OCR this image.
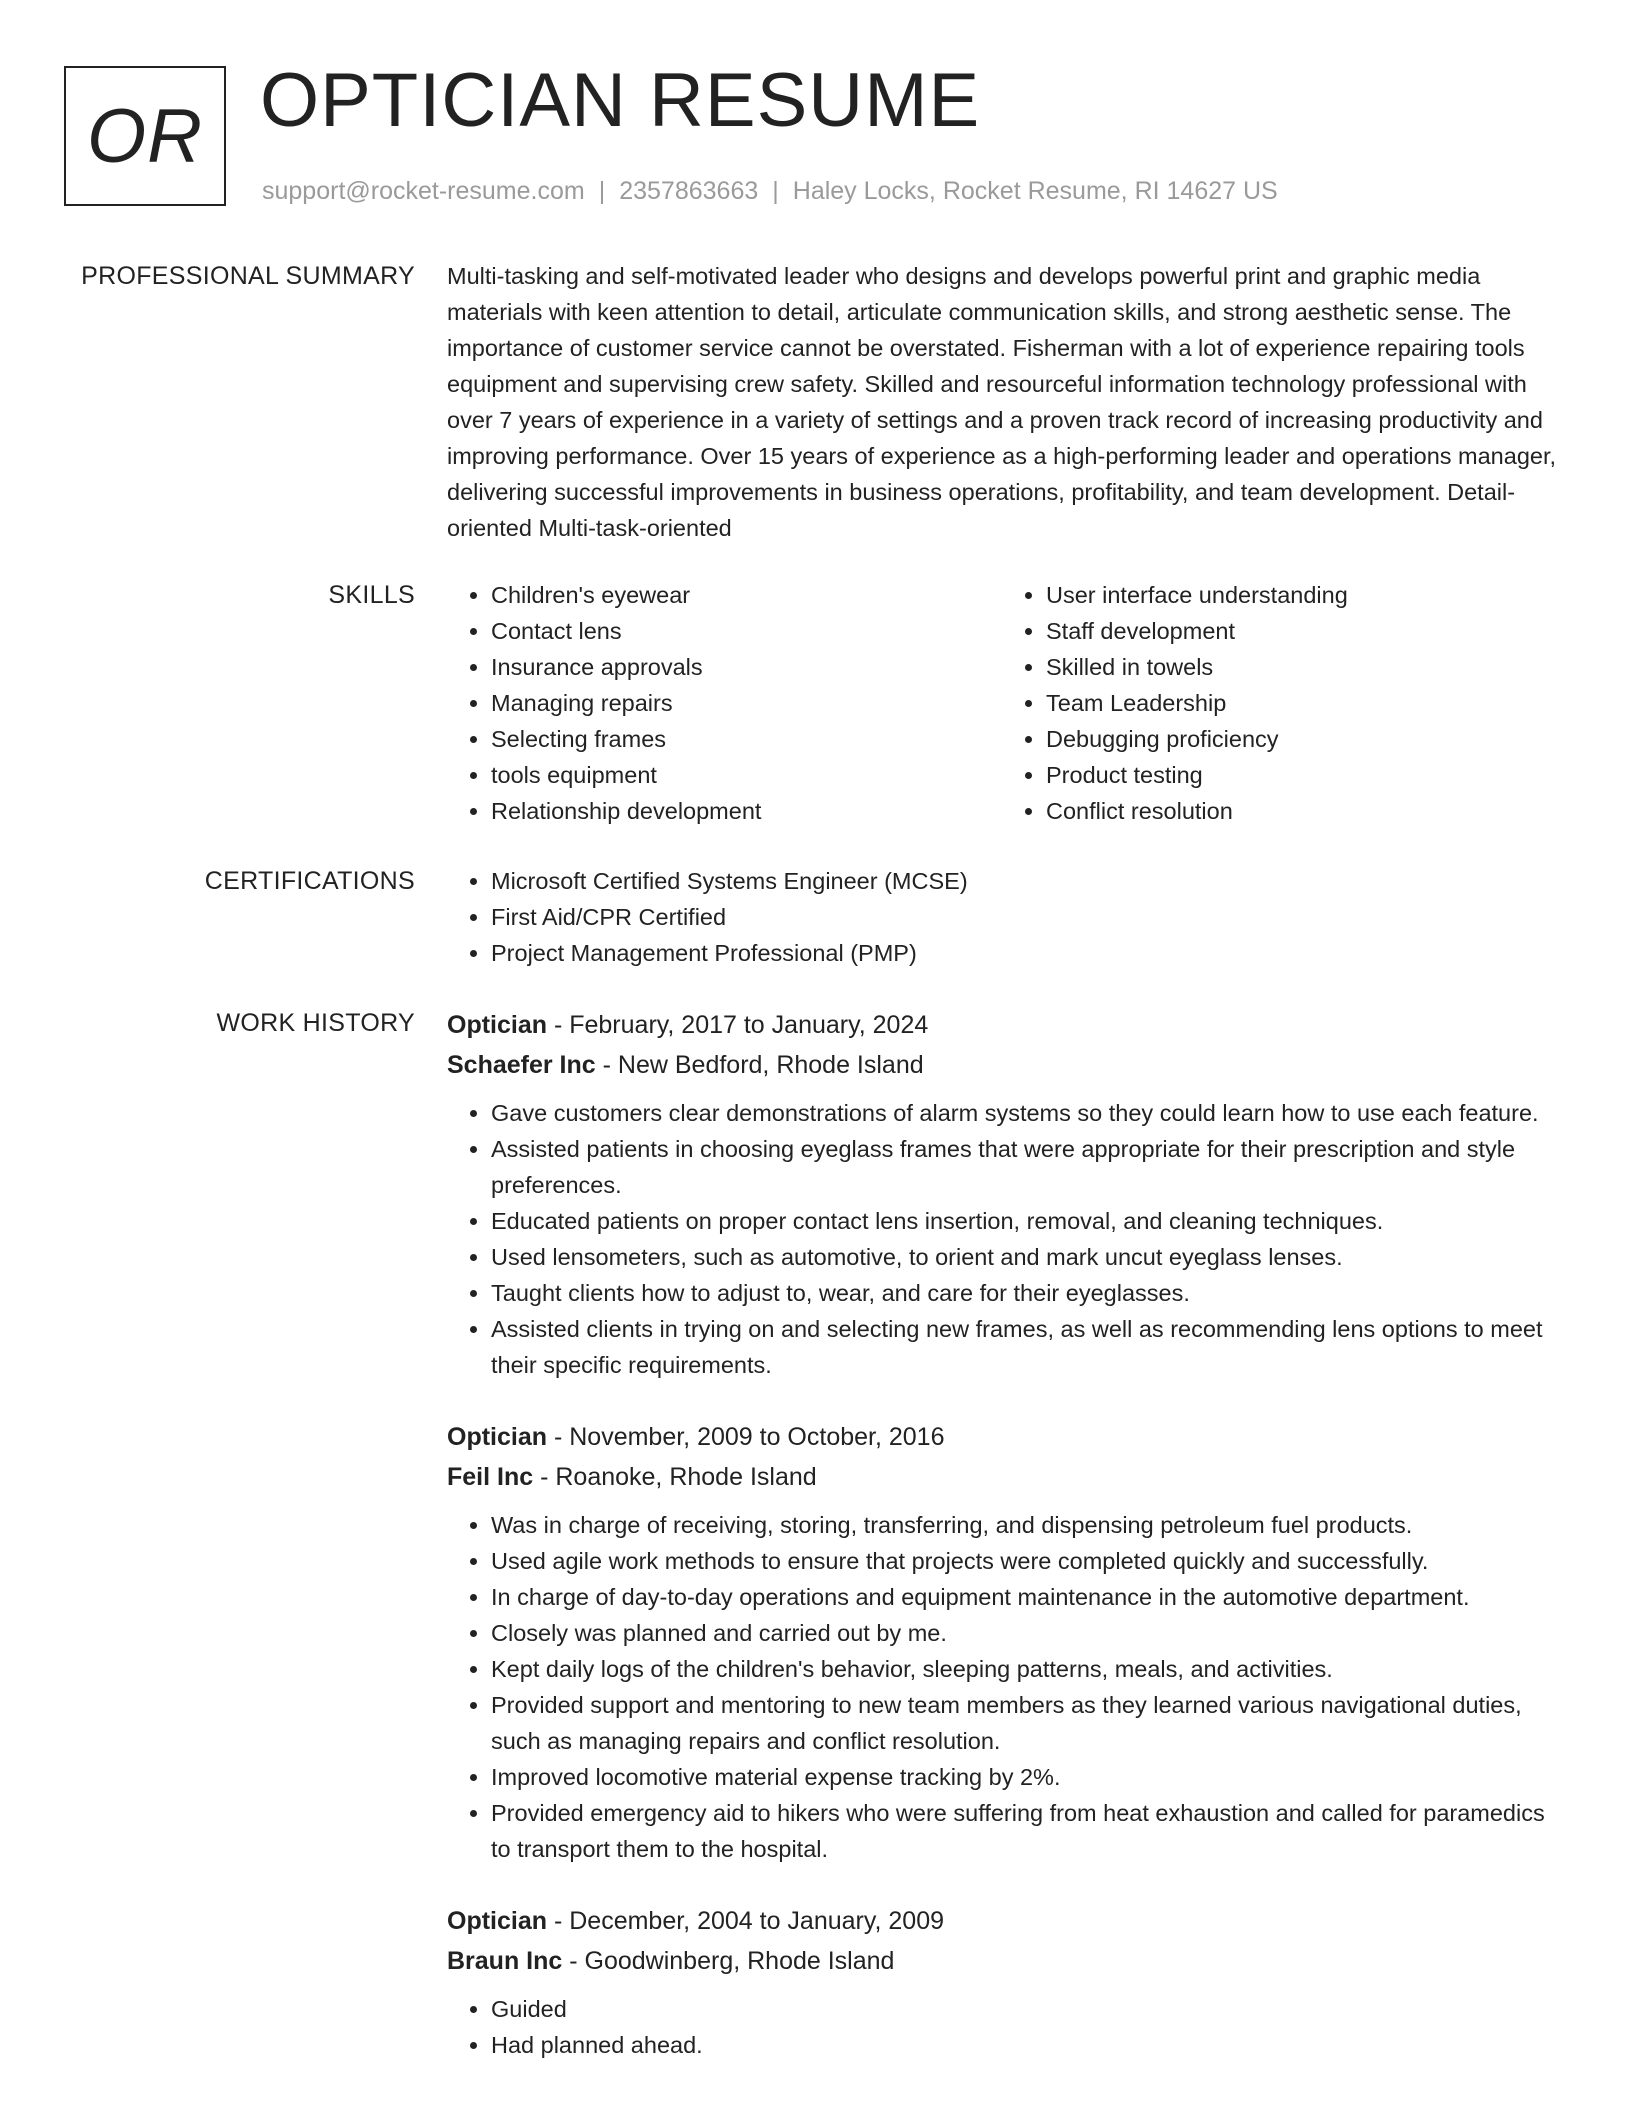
OR OPTICIAN RESUME
support@rocket-resume.com | 2357863663 | Haley Locks, Rocket Resume, RI 14627 US
PROFESSIONAL SUMMARY Multi-tasking and self-motivated leader who designs and develops powerful print and graphic media materials with keen attention to detail, articulate communication skills, and strong aesthetic sense. The importance of customer service cannot be overstated. Fisherman with a lot of experience repairing tools equipment and supervising crew safety. Skilled and resourceful information technology professional with over 7 years of experience in a variety of settings and a proven track record of increasing productivity and improving performance. Over 15 years of experience as a high-performing leader and operations manager, delivering successful improvements in business operations, profitability, and team development. Detail-oriented Multi-task-oriented

SKILLS	• Children's eyewear
• Contact lens
• Insurance approvals
• Managing repairs
• Selecting frames
• tools equipment
• Relationship development
• User interface understanding
• Staff development
• Skilled in towels
• Team Leadership
• Debugging proficiency
• Product testing
• Conflict resolution
CERTIFICATIONS	• Microsoft Certified Systems Engineer (MCSE)
• First Aid/CPR Certified
• Project Management Professional (PMP)
WORK HISTORY Optician - February, 2017 to January, 2024
Schaefer Inc - New Bedford, Rhode Island
• Gave customers clear demonstrations of alarm systems so they could learn how to use each feature.
• Assisted patients in choosing eyeglass frames that were appropriate for their prescription and style preferences.
• Educated patients on proper contact lens insertion, removal, and cleaning techniques.
• Used lensometers, such as automotive, to orient and mark uncut eyeglass lenses.
• Taught clients how to adjust to, wear, and care for their eyeglasses.
• Assisted clients in trying on and selecting new frames, as well as recommending lens options to meet their specific requirements.
Optician - November, 2009 to October, 2016
Feil Inc - Roanoke, Rhode Island
• Was in charge of receiving, storing, transferring, and dispensing petroleum fuel products.
• Used agile work methods to ensure that projects were completed quickly and successfully.
• In charge of day-to-day operations and equipment maintenance in the automotive department.
• Closely was planned and carried out by me.
• Kept daily logs of the children's behavior, sleeping patterns, meals, and activities.
• Provided support and mentoring to new team members as they learned various navigational duties, such as managing repairs and conflict resolution.
• Improved locomotive material expense tracking by 2%.
• Provided emergency aid to hikers who were suffering from heat exhaustion and called for paramedics to transport them to the hospital.
Optician - December, 2004 to January, 2009
Braun Inc - Goodwinberg, Rhode Island
• Guided
• Had planned ahead.
